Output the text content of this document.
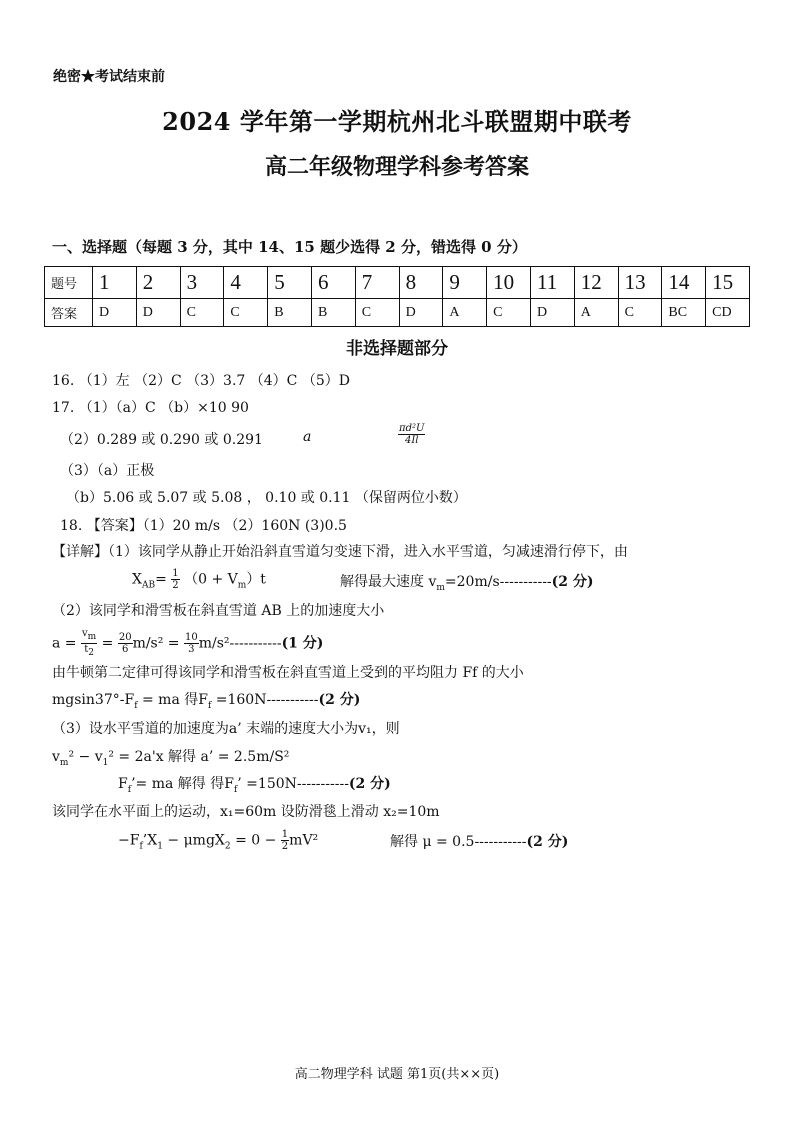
绝密★考试结束前
2024 学年第一学期杭州北斗联盟期中联考
高二年级物理学科参考答案
一、选择题（每题 3 分，其中 14、15 题少选得 2 分，错选得 0 分）
题号	1	2	3	4	5	6	7	8	9	10	11	12	13	14	15
答案	D	D	C	C	B	B	C	D	A	C	D	A	C	BC	CD
非选择题部分
16. （1）左 （2）C （3）3.7 （4）C （5）D
17. （1）（a）C （b）×10 90
（2）0.289 或 0.290 或 0.291	a	$\frac{\text{πd²U}}{4Il}$
（3）（a）正极
（b）5.06 或 5.07 或 5.08 ， 0.10 或 0.11 （保留两位小数）
18. 【答案】（1）20 m/s （2）160N (3)0.5
【详解】（1）该同学从静止开始沿斜直雪道匀变速下滑，进入水平雪道，匀减速滑行停下，由
$X_{AB}= \frac{1}{2} (0 + V_m)t$	解得最大速度 $v_m=20m/s-----------(2$ 分)
（2）该同学和滑雪板在斜直雪道 AB 上的加速度大小
$a = \frac{v_m}{t_2} = \frac{20}{6} m/s^2 = \frac{10}{3} m/s^2-----------(1$ 分)
由牛顿第二定律可得该同学和滑雪板在斜直雪道上受到的平均阻力 Ff 的大小
$mgsin37^\circ-F_f$ = ma 得$F_f =160N-----------(2$ 分)
（3）设水平雪道的加速度为a’ 末端的速度大小为v₁，则
$v_m^2 - v_1^2 = 2a'x$ 解得 a’ = 2.5m/S²
$F_f’=$ ma 解得 得$F_f$’ =150N-----------(2 分)
该同学在水平面上的运动，x₁=60m 设防滑毯上滑动 x₂=10m
$-F_f’X_1 - \mu mgX_2 = 0 - \frac{1}{2} mV^2$	解得 μ = 0.5-----------(2 分)
高二物理学科 试题 第1页(共××页)
